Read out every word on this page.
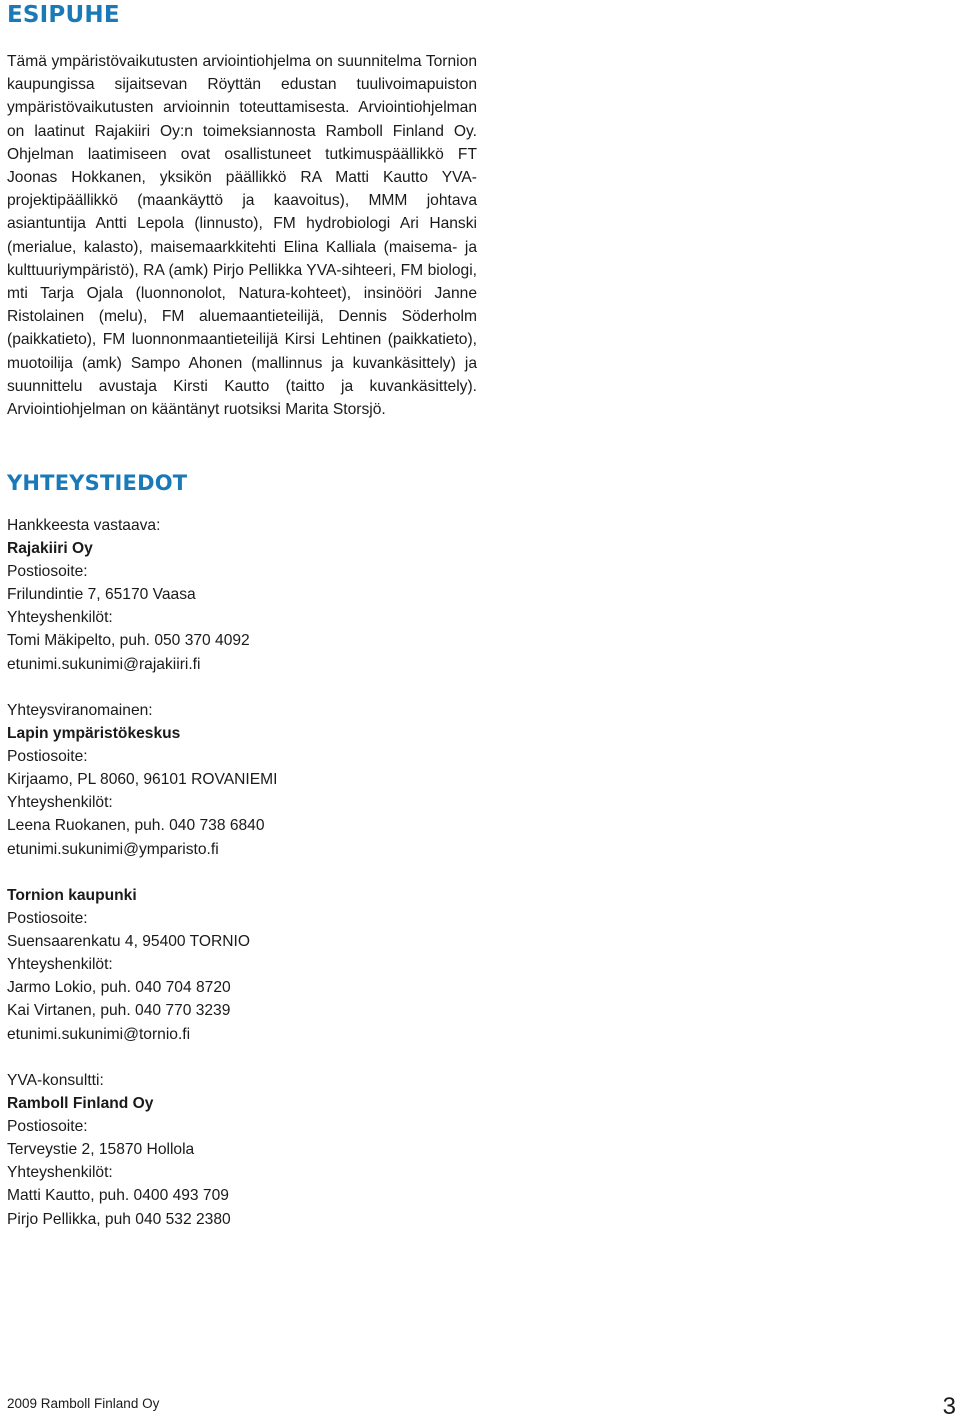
ESIPUHE

Tämä ympäristövaikutusten arviointiohjelma on suunnitelma Tornion kaupungissa sijaitsevan Röyttän edustan tuulivoimapuiston ympäristövaikutusten arvioinnin toteuttamisesta. Arviointiohjelman on laatinut Rajakiiri Oy:n toimeksiannosta Ramboll Finland Oy. Ohjelman laatimiseen ovat osallistuneet tutkimuspäällikkö FT Joonas Hokkanen, yksikön päällikkö RA Matti Kautto YVA-projektipäällikkö (maankäyttö ja kaavoitus), MMM johtava asiantuntija Antti Lepola (linnusto), FM hydrobiologi Ari Hanski (merialue, kalasto), maisemaarkkitehti Elina Kalliala (maisema- ja kulttuuriympäristö), RA (amk) Pirjo Pellikka YVA-sihteeri, FM biologi, mti Tarja Ojala (luonnonolot, Natura-kohteet), insinööri Janne Ristolainen (melu), FM aluemaantieteilijä, Dennis Söderholm (paikkatieto), FM luonnonmaantieteilijä Kirsi Lehtinen (paikkatieto), muotoilija (amk) Sampo Ahonen (mallinnus ja kuvankäsittely) ja suunnittelu avustaja Kirsti Kautto (taitto ja kuvankäsittely). Arviointiohjelman on kääntänyt ruotsiksi Marita Storsjö.

YHTEYSTIEDOT
Hankkeesta vastaava:
Rajakiiri Oy
Postiosoite:
Frilundintie 7, 65170 Vaasa
Yhteyshenkilöt:
Tomi Mäkipelto, puh. 050 370 4092
etunimi.sukunimi@rajakiiri.fi
Yhteysviranomainen:
Lapin ympäristökeskus
Postiosoite:
Kirjaamo, PL 8060, 96101 ROVANIEMI
Yhteyshenkilöt:
Leena Ruokanen, puh. 040 738 6840
etunimi.sukunimi@ymparisto.fi
Tornion kaupunki
Postiosoite:
Suensaarenkatu 4, 95400 TORNIO
Yhteyshenkilöt:
Jarmo Lokio, puh. 040 704 8720
Kai Virtanen, puh. 040 770 3239
etunimi.sukunimi@tornio.fi
YVA-konsultti:
Ramboll Finland Oy
Postiosoite:
Terveystie 2, 15870 Hollola
Yhteyshenkilöt:
Matti Kautto, puh. 0400 493 709
Pirjo Pellikka, puh 040 532 2380
2009 Ramboll Finland Oy	3
